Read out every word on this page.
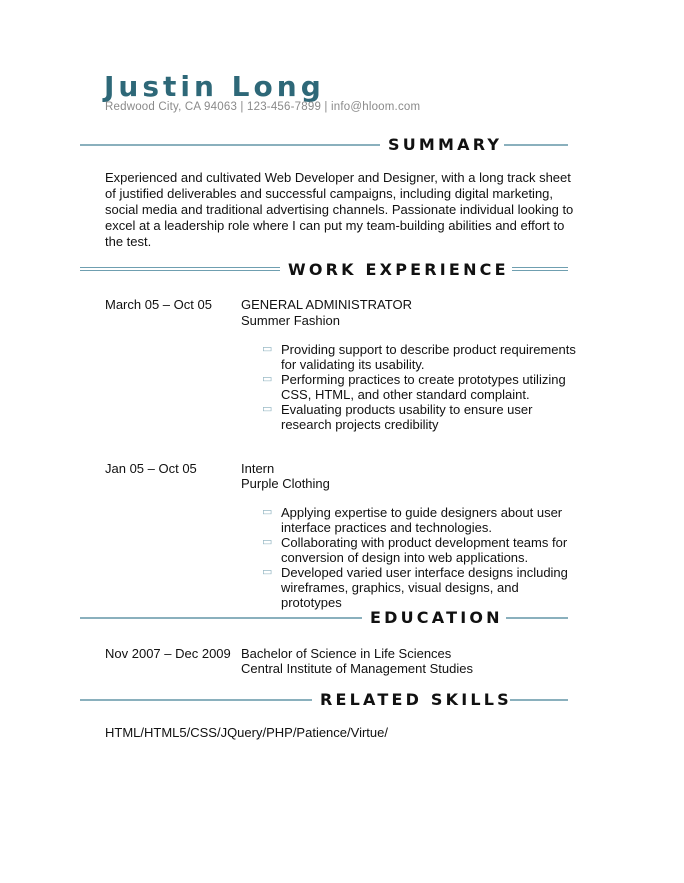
Justin Long
Redwood City, CA 94063 | 123-456-7899 | info@hloom.com
SUMMARY

Experienced and cultivated Web Developer and Designer, with a long track sheet of justified deliverables and successful campaigns, including digital marketing, social media and traditional advertising channels. Passionate individual looking to excel at a leadership role where I can put my team-building abilities and effort to the test.

WORK EXPERIENCE
March 05 – Oct 05 GENERAL ADMINISTRATOR
Summer Fashion
▭ Providing support to describe product requirements for validating its usability.
▭ Performing practices to create prototypes utilizing CSS, HTML, and other standard complaint.
▭ Evaluating products usability to ensure user research projects credibility
Jan 05 – Oct 05	Intern
Purple Clothing
▭ Applying expertise to guide designers about user interface practices and technologies.
▭ Collaborating with product development teams for conversion of design into web applications.
▭ Developed varied user interface designs including wireframes, graphics, visual designs, and prototypes
EDUCATION
Nov 2007 – Dec 2009 Bachelor of Science in Life Sciences
Central Institute of Management Studies
RELATED SKILLS
HTML/HTML5/CSS/JQuery/PHP/Patience/Virtue/
